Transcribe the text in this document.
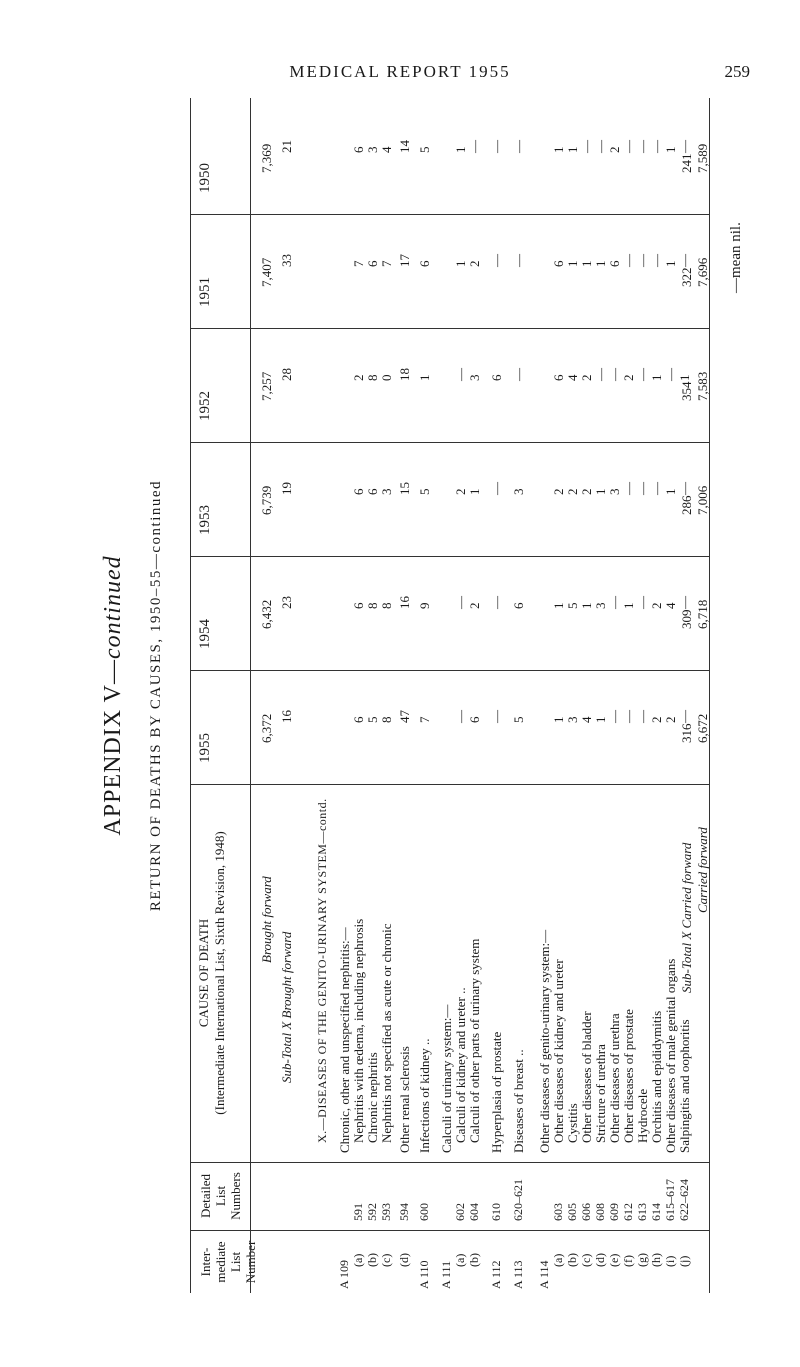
MEDICAL REPORT 1955	259
APPENDIX V—continued RETURN OF DEATHS BY CAUSES, 1950–55—continued
Inter-mediate List Number
Detailed List Numbers
CAUSE OF DEATH (Intermediate International List, Sixth Revision, 1948)
1955
1954
1953
1952
1951
1950
Brought forward
6,372
6,432
6,739
7,257
7,407
7,369
Sub-Total X Brought forward
16
23
19
28
33
21
X.—DISEASES OF THE GENITO-URINARY SYSTEM—contd.
A 109
Chronic, other and unspecified nephritis:—
(a)
591
Nephritis with œdema, including nephrosis
6
6
6
2
7
6
(b)
592
Chronic nephritis
5
8
6
8
6
3
(c)
593
Nephritis not specified as acute or chronic
8
8
3
0
7
4
(d)
594
Other renal sclerosis
47
16
15
18
17
14
A 110
600
Infections of kidney ..
7
9
5
1
6
5
A 111
Calculi of urinary system:—
(a)
602
Calculi of kidney and ureter ..
—
—
2
—
1
1
(b)
604
Calculi of other parts of urinary system
6
2
1
3
2
—
A 112
610
Hyperplasia of prostate
—
—
—
6
—
—
A 113
620–621
Diseases of breast ..
5
6
3
—
—
—
A 114
Other diseases of genito-urinary system:—
(a)
603
Other diseases of kidney and ureter
1
1
2
6
6
1
(b)
605
Cystitis
3
5
2
4
1
1
(c)
606
Other diseases of bladder
4
1
2
2
1
—
(d)
608
Stricture of urethra
1
3
1
—
1
—
(e)
609
Other diseases of urethra
—
—
3
—
6
2
(f)
612
Other diseases of prostate
—
1
—
2
—
—
(g)
613
Hydrocele
—
—
—
—
—
—
(h)
614
Orchitis and epididymitis
2
2
—
1
—
—
(i)
615–617
Other diseases of male genital organs
2
4
1
—
1
1
(j)
622–624
Salpingitis and oophoritis
—
—
—
1
—
—
Sub-Total X Carried forward
316
309
286
354
322
241
Carried forward
6,672
6,718
7,006
7,583
7,696
7,589
—mean nil.
